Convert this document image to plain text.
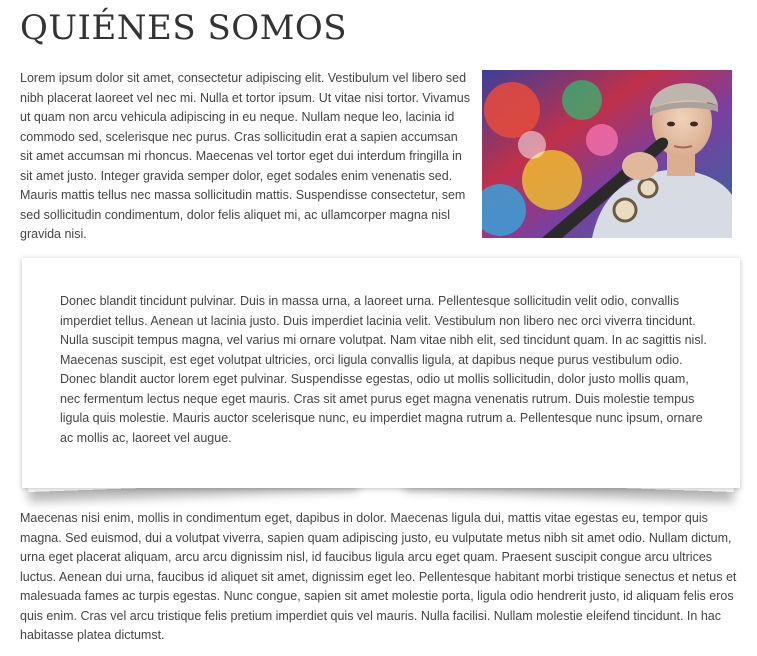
QUIÉNES SOMOS

Lorem ipsum dolor sit amet, consectetur adipiscing elit. Vestibulum vel libero sed nibh placerat laoreet vel nec mi. Nulla et tortor ipsum. Ut vitae nisi tortor. Vivamus ut quam non arcu vehicula adipiscing in eu neque. Nullam neque leo, lacinia id commodo sed, scelerisque nec purus. Cras sollicitudin erat a sapien accumsan sit amet accumsan mi rhoncus. Maecenas vel tortor eget dui interdum fringilla in sit amet justo. Integer gravida semper dolor, eget sodales enim venenatis sed. Mauris mattis tellus nec massa sollicitudin mattis. Suspendisse consectetur, sem sed sollicitudin condimentum, dolor felis aliquet mi, ac ullamcorper magna nisl gravida nisi.

Donec blandit tincidunt pulvinar. Duis in massa urna, a laoreet urna. Pellentesque sollicitudin velit odio, convallis imperdiet tellus. Aenean ut lacinia justo. Duis imperdiet lacinia velit. Vestibulum non libero nec orci viverra tincidunt. Nulla suscipit tempus magna, vel varius mi ornare volutpat. Nam vitae nibh elit, sed tincidunt quam. In ac sagittis nisl. Maecenas suscipit, est eget volutpat ultricies, orci ligula convallis ligula, at dapibus neque purus vestibulum odio. Donec blandit auctor lorem eget pulvinar. Suspendisse egestas, odio ut mollis sollicitudin, dolor justo mollis quam, nec fermentum lectus neque eget mauris. Cras sit amet purus eget magna venenatis rutrum. Duis molestie tempus ligula quis molestie. Mauris auctor scelerisque nunc, eu imperdiet magna rutrum a. Pellentesque nunc ipsum, ornare ac mollis ac, laoreet vel augue.

Maecenas nisi enim, mollis in condimentum eget, dapibus in dolor. Maecenas ligula dui, mattis vitae egestas eu, tempor quis magna. Sed euismod, dui a volutpat viverra, sapien quam adipiscing justo, eu vulputate metus nibh sit amet odio. Nullam dictum, urna eget placerat aliquam, arcu arcu dignissim nisl, id faucibus ligula arcu eget quam. Praesent suscipit congue arcu ultrices luctus. Aenean dui urna, faucibus id aliquet sit amet, dignissim eget leo. Pellentesque habitant morbi tristique senectus et netus et malesuada fames ac turpis egestas. Nunc congue, sapien sit amet molestie porta, ligula odio hendrerit justo, id aliquam felis eros quis enim. Cras vel arcu tristique felis pretium imperdiet quis vel mauris. Nulla facilisi. Nullam molestie eleifend tincidunt. In hac habitasse platea dictumst.
